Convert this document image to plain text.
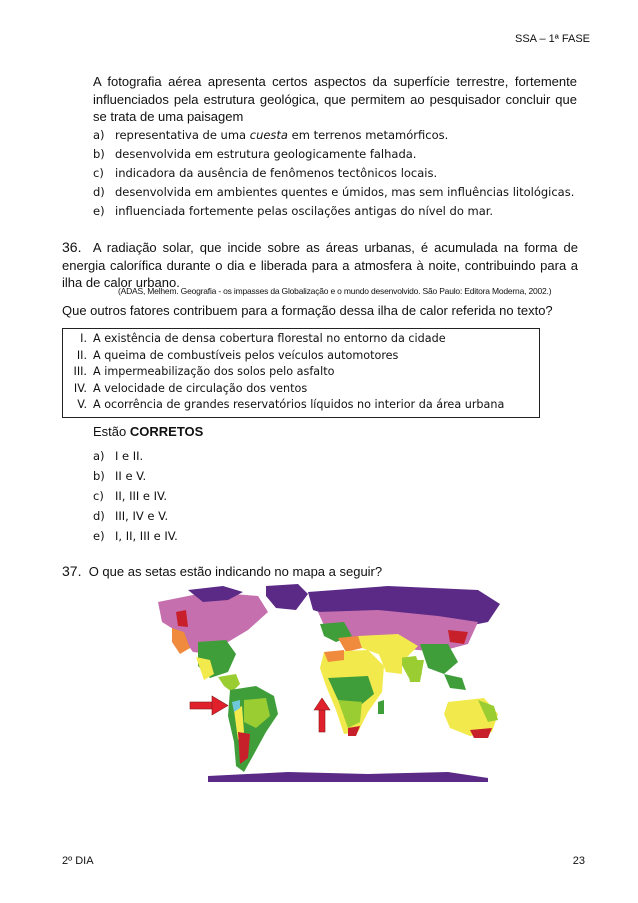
SSA – 1ª FASE
A fotografia aérea apresenta certos aspectos da superfície terrestre, fortemente influenciados pela estrutura geológica, que permitem ao pesquisador concluir que se trata de uma paisagem
a) representativa de uma cuesta em terrenos metamórficos.
b) desenvolvida em estrutura geologicamente falhada.
c) indicadora da ausência de fenômenos tectônicos locais.
d) desenvolvida em ambientes quentes e úmidos, mas sem influências litológicas.
e) influenciada fortemente pelas oscilações antigas do nível do mar.
36. A radiação solar, que incide sobre as áreas urbanas, é acumulada na forma de energia calorífica durante o dia e liberada para a atmosfera à noite, contribuindo para a ilha de calor urbano.
(ADAS, Melhem. Geografia - os impasses da Globalização e o mundo desenvolvido. São Paulo: Editora Moderna, 2002.)
Que outros fatores contribuem para a formação dessa ilha de calor referida no texto?
I. A existência de densa cobertura florestal no entorno da cidade
II. A queima de combustíveis pelos veículos automotores
III. A impermeabilização dos solos pelo asfalto
IV. A velocidade de circulação dos ventos
V. A ocorrência de grandes reservatórios líquidos no interior da área urbana
Estão CORRETOS
a) I e II.
b) II e V.
c) II, III e IV.
d) III, IV e V.
e) I, II, III e IV.
37. O que as setas estão indicando no mapa a seguir?
2º DIA	23
